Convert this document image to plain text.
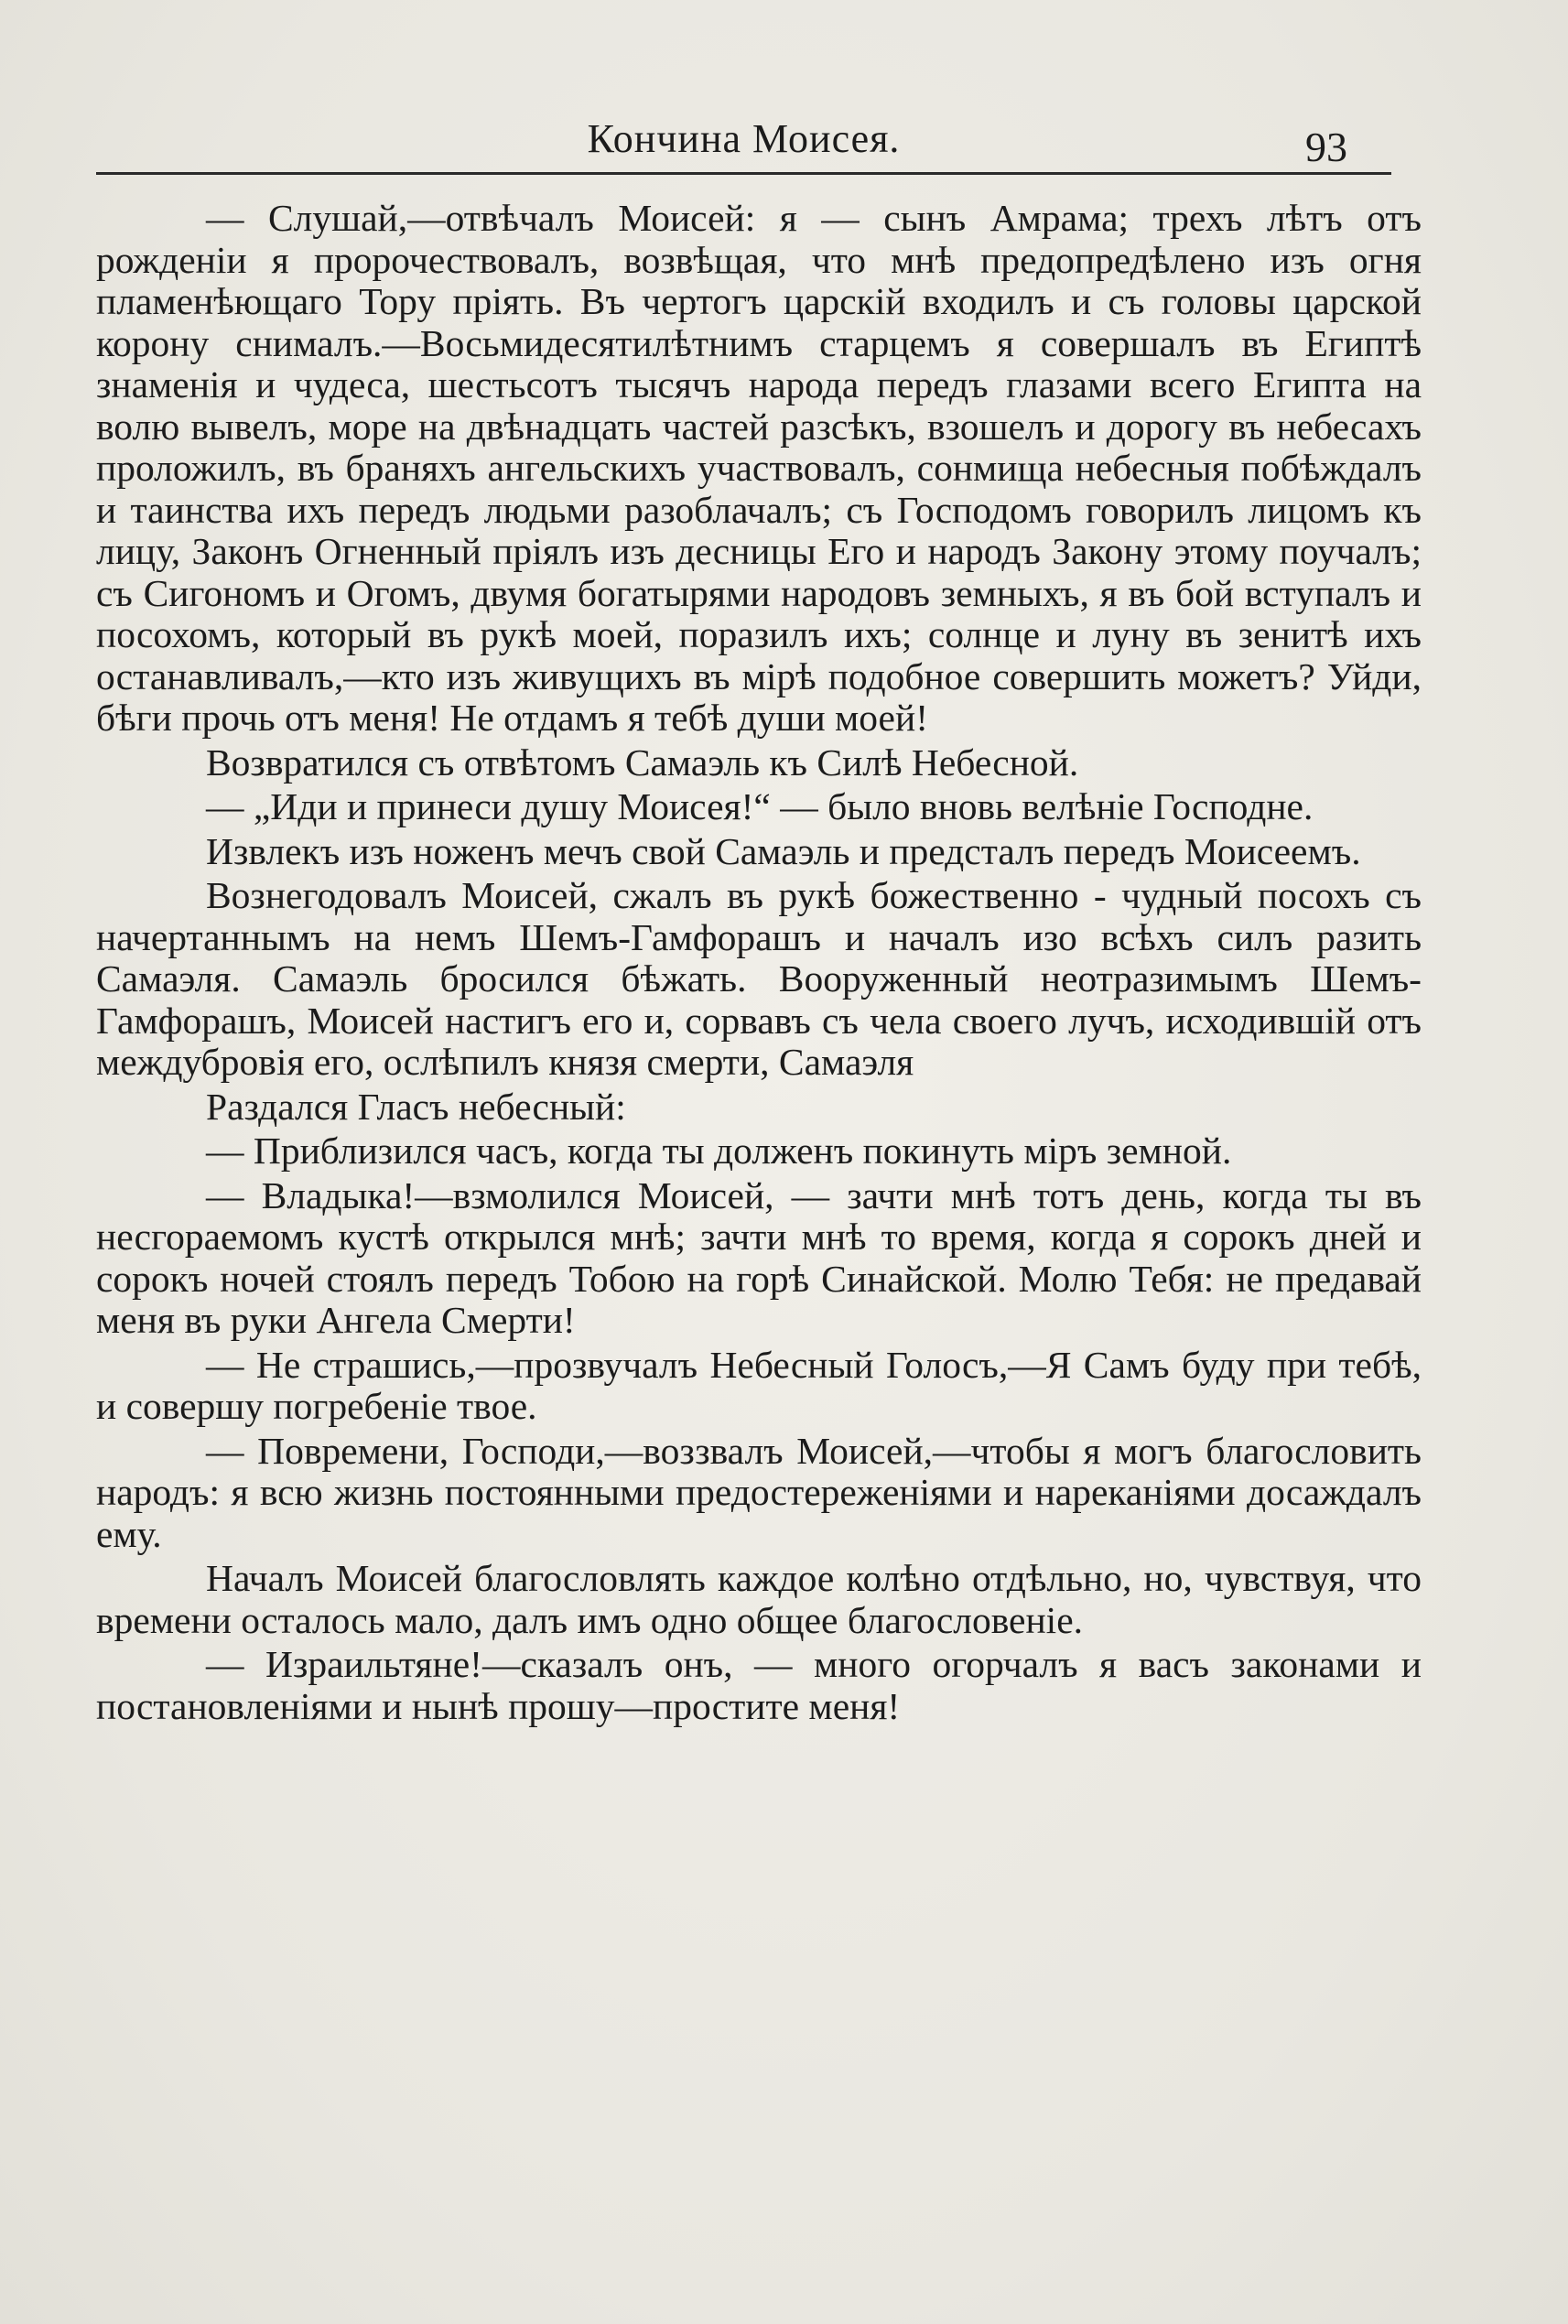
Кончина Моисея.	93

— Слушай,—отвѣчалъ Моисей: я — сынъ Амрама; трехъ лѣтъ отъ рожденіи я пророчествовалъ, возвѣщая, что мнѣ предопредѣлено изъ огня пламенѣющаго Тору пріять. Въ чертогъ царскій входилъ и съ головы царской корону снималъ.—Восьмидесятилѣтнимъ старцемъ я совершалъ въ Египтѣ знаменія и чудеса, шестьсотъ тысячъ народа передъ глазами всего Египта на волю вывелъ, море на двѣнадцать частей разсѣкъ, взошелъ и дорогу въ небесахъ проложилъ, въ браняхъ ангельскихъ участвовалъ, сонмища небесныя побѣждалъ и таинства ихъ передъ людьми разоблачалъ; съ Господомъ говорилъ лицомъ къ лицу, Законъ Огненный пріялъ изъ десницы Его и народъ Закону этому поучалъ; съ Сигономъ и Огомъ, двумя богатырями народовъ земныхъ, я въ бой вступалъ и посохомъ, который въ рукѣ моей, поразилъ ихъ; солнце и луну въ зенитѣ ихъ останавливалъ,—кто изъ живущихъ въ мірѣ подобное совершить можетъ? Уйди, бѣги прочь отъ меня! Не отдамъ я тебѣ души моей!

Возвратился съ отвѣтомъ Самаэль къ Силѣ Небесной.

— „Иди и принеси душу Моисея!“ — было вновь велѣніе Господне.

Извлекъ изъ ноженъ мечъ свой Самаэль и предсталъ передъ Моисеемъ.

Вознегодовалъ Моисей, сжалъ въ рукѣ божественно - чудный посохъ съ начертаннымъ на немъ Шемъ-Гамфорашъ и началъ изо всѣхъ силъ разить Самаэля. Самаэль бросился бѣжать. Вооруженный неотразимымъ Шемъ-Гамфорашъ, Моисей настигъ его и, сорвавъ съ чела своего лучъ, исходившій отъ междубровія его, ослѣпилъ князя смерти, Самаэля

Раздался Гласъ небесный:

— Приблизился часъ, когда ты долженъ покинуть міръ земной.

— Владыка!—взмолился Моисей, — зачти мнѣ тотъ день, когда ты въ несгораемомъ кустѣ открылся мнѣ; зачти мнѣ то время, когда я сорокъ дней и сорокъ ночей стоялъ передъ Тобою на горѣ Синайской. Молю Тебя: не предавай меня въ руки Ангела Смерти!

— Не страшись,—прозвучалъ Небесный Голосъ,—Я Самъ буду при тебѣ, и совершу погребеніе твое.

— Повремени, Господи,—воззвалъ Моисей,—чтобы я могъ благословить народъ: я всю жизнь постоянными предостереженіями и нареканіями досаждалъ ему.

Началъ Моисей благословлять каждое колѣно отдѣльно, но, чувствуя, что времени осталось мало, далъ имъ одно общее благословеніе.

— Израильтяне!—сказалъ онъ, — много огорчалъ я васъ законами и постановленіями и нынѣ прошу—простите меня!
